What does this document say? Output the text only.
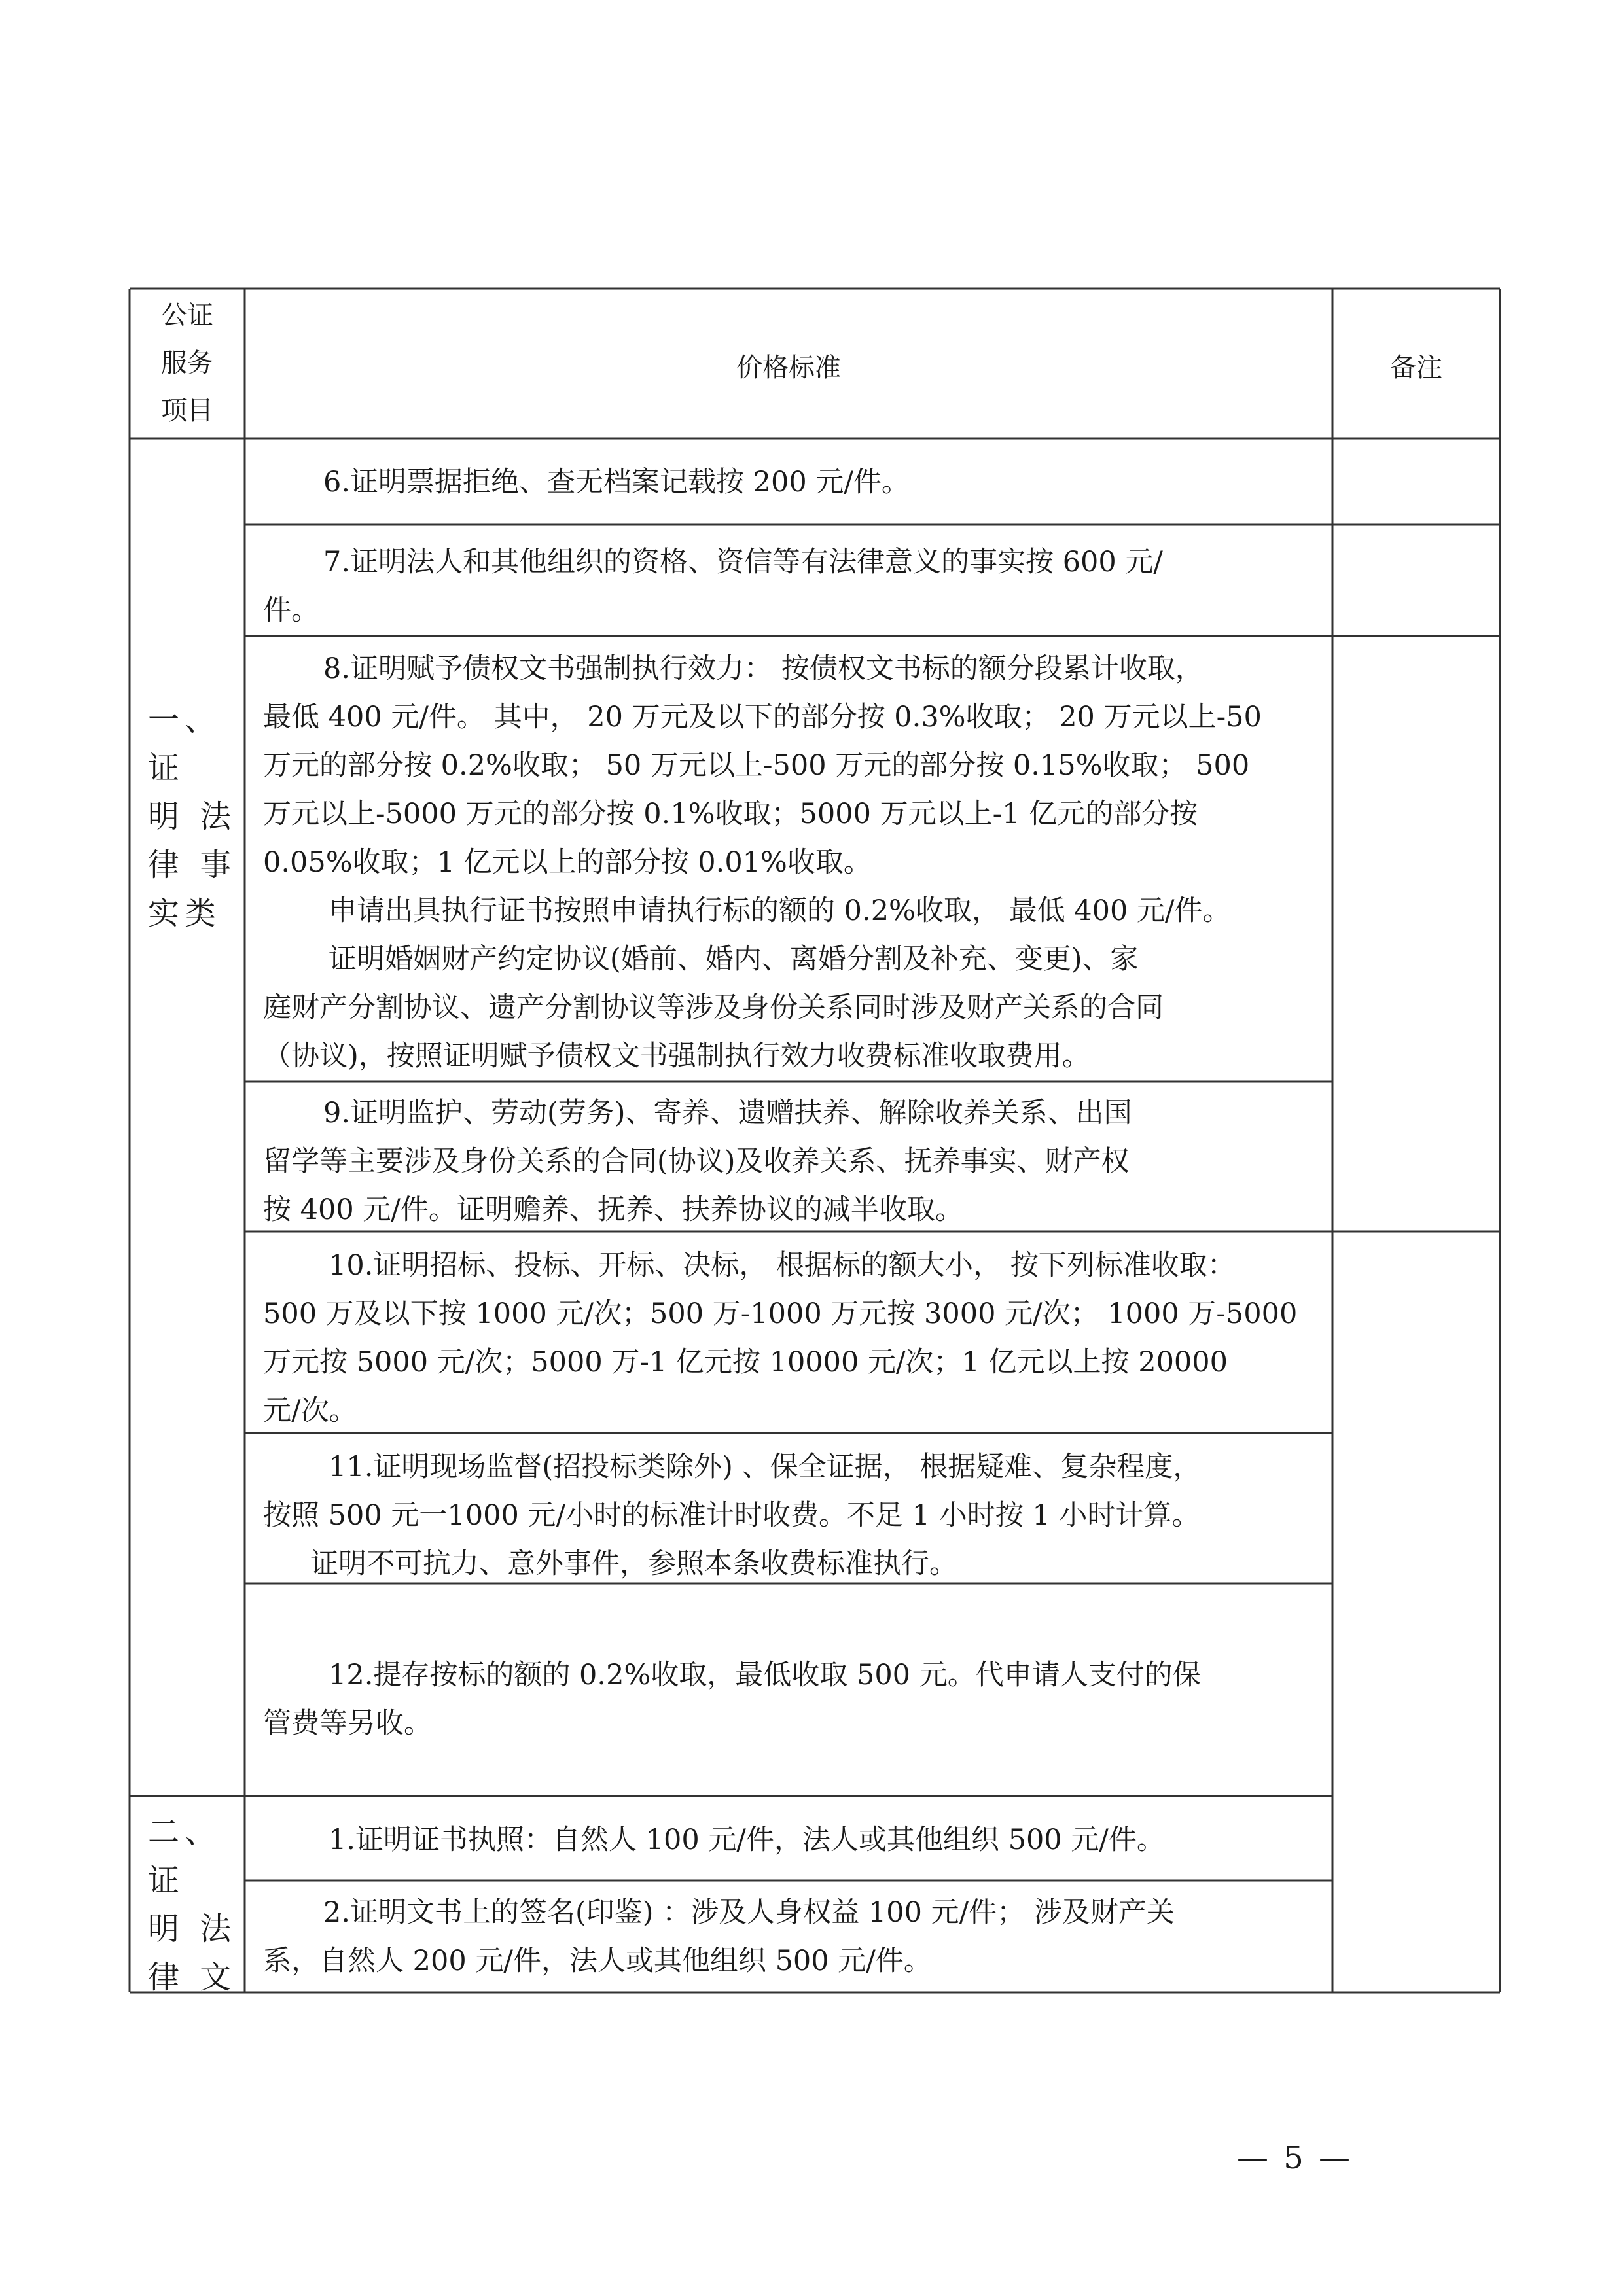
公证
服务
项目
价格标准	备注
一、证
明 法
律 事
实类
二、证
明 法
律 文

6.证明票据拒绝、查无档案记载按 200 元/件。

7.证明法人和其他组织的资格、资信等有法律意义的事实按 600 元/

件。

8.证明赋予债权文书强制执行效力： 按债权文书标的额分段累计收取，

最低 400 元/件。 其中， 20 万元及以下的部分按 0.3%收取； 20 万元以上-50

万元的部分按 0.2%收取； 50 万元以上-500 万元的部分按 0.15%收取； 500

万元以上-5000 万元的部分按 0.1%收取；5000 万元以上-1 亿元的部分按

0.05%收取；1 亿元以上的部分按 0.01%收取。

申请出具执行证书按照申请执行标的额的 0.2%收取， 最低 400 元/件。

证明婚姻财产约定协议(婚前、婚内、离婚分割及补充、变更)、家

庭财产分割协议、遗产分割协议等涉及身份关系同时涉及财产关系的合同

（协议)，按照证明赋予债权文书强制执行效力收费标准收取费用。

9.证明监护、劳动(劳务)、寄养、遗赠扶养、解除收养关系、出国

留学等主要涉及身份关系的合同(协议)及收养关系、抚养事实、财产权

按 400 元/件。证明赡养、抚养、扶养协议的减半收取。

10.证明招标、投标、开标、决标， 根据标的额大小， 按下列标准收取：

500 万及以下按 1000 元/次；500 万-1000 万元按 3000 元/次； 1000 万-5000

万元按 5000 元/次；5000 万-1 亿元按 10000 元/次；1 亿元以上按 20000

元/次。

11.证明现场监督(招投标类除外) 、保全证据， 根据疑难、复杂程度，

按照 500 元一1000 元/小时的标准计时收费。不足 1 小时按 1 小时计算。

证明不可抗力、意外事件，参照本条收费标准执行。

12.提存按标的额的 0.2%收取，最低收取 500 元。代申请人支付的保

管费等另收。

1.证明证书执照：自然人 100 元/件，法人或其他组织 500 元/件。

2.证明文书上的签名(印鉴) ：涉及人身权益 100 元/件； 涉及财产关

系，自然人 200 元/件，法人或其他组织 500 元/件。

— 5 —
